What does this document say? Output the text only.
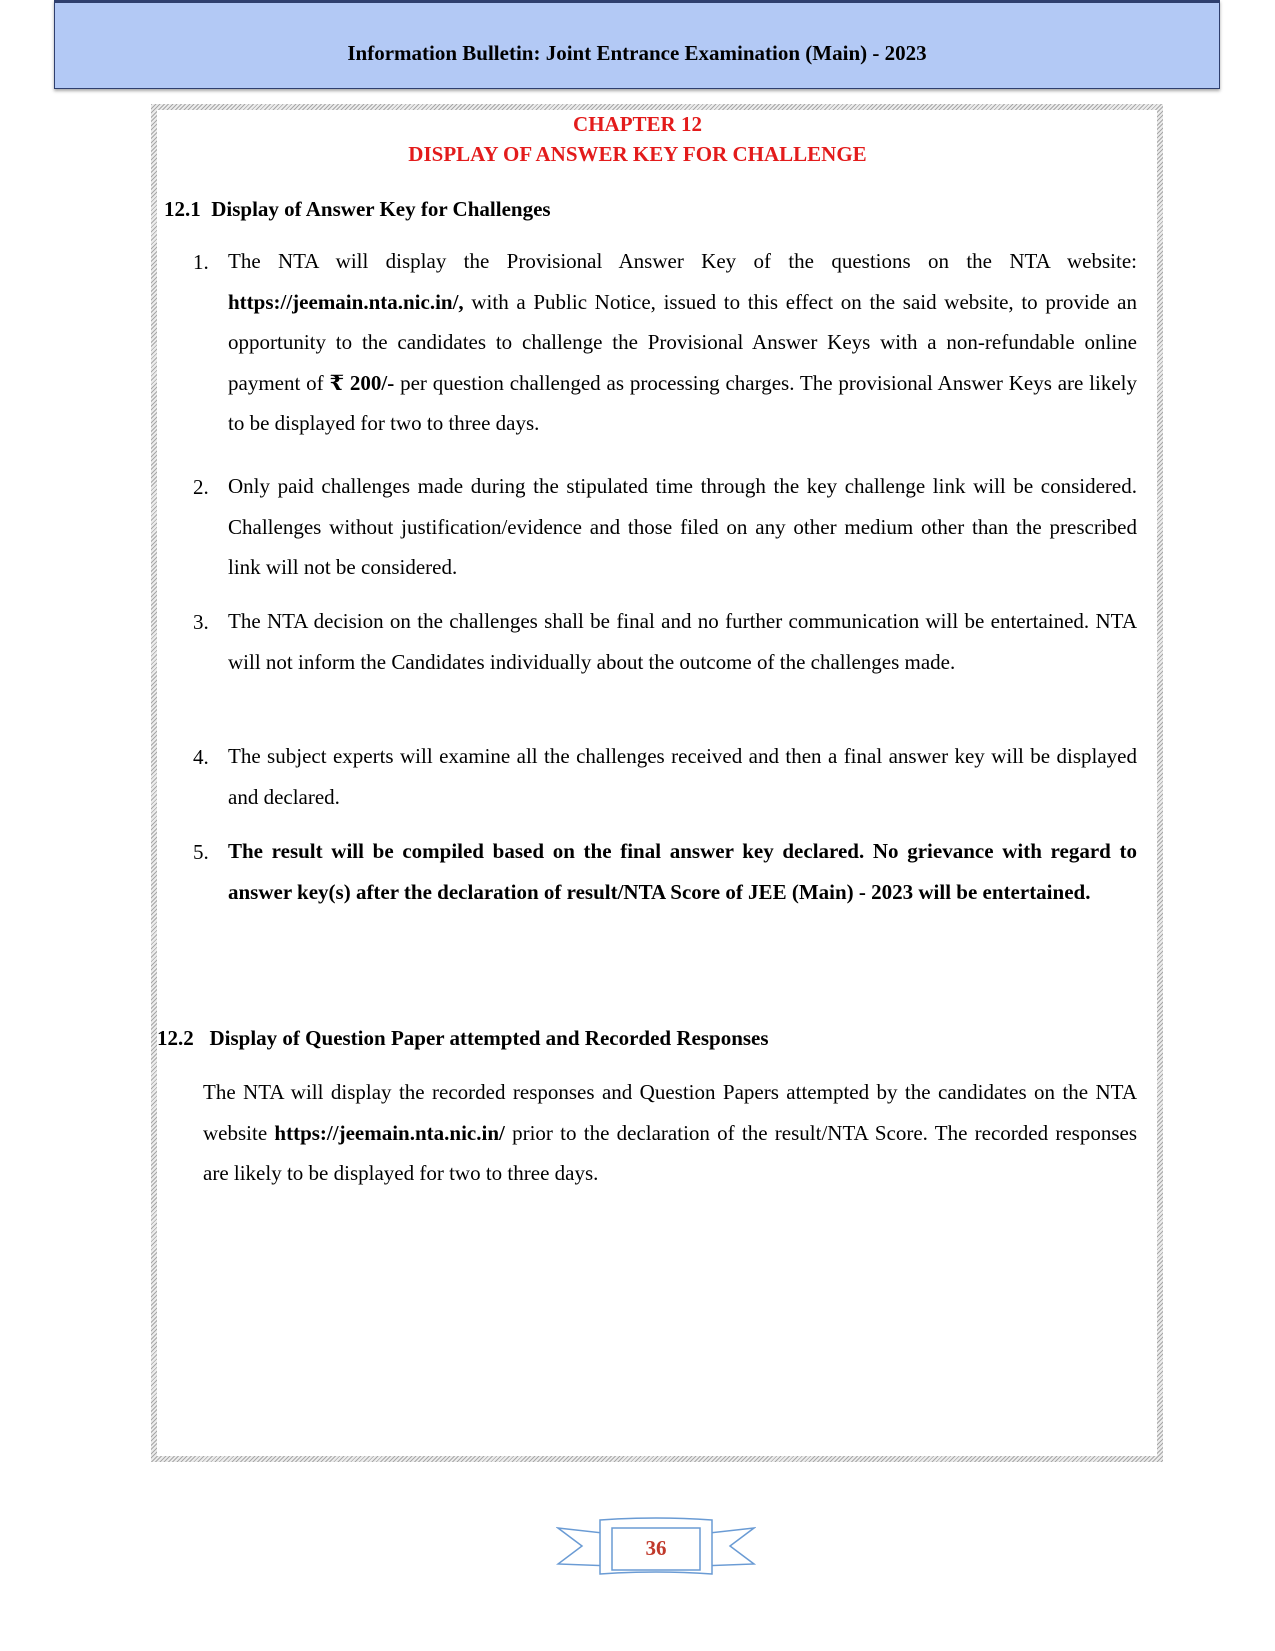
Information Bulletin: Joint Entrance Examination (Main) - 2023
CHAPTER 12
DISPLAY OF ANSWER KEY FOR CHALLENGE
12.1 Display of Answer Key for Challenges
1. The NTA will display the Provisional Answer Key of the questions on the NTA website: https://jeemain.nta.nic.in/, with a Public Notice, issued to this effect on the said website, to provide an opportunity to the candidates to challenge the Provisional Answer Keys with a non-refundable online payment of ₹ 200/- per question challenged as processing charges. The provisional Answer Keys are likely to be displayed for two to three days.
2. Only paid challenges made during the stipulated time through the key challenge link will be considered. Challenges without justification/evidence and those filed on any other medium other than the prescribed link will not be considered.
3. The NTA decision on the challenges shall be final and no further communication will be entertained. NTA will not inform the Candidates individually about the outcome of the challenges made.
4. The subject experts will examine all the challenges received and then a final answer key will be displayed and declared.
5. The result will be compiled based on the final answer key declared. No grievance with regard to answer key(s) after the declaration of result/NTA Score of JEE (Main) - 2023 will be entertained.
12.2 Display of Question Paper attempted and Recorded Responses
The NTA will display the recorded responses and Question Papers attempted by the candidates on the NTA website https://jeemain.nta.nic.in/ prior to the declaration of the result/NTA Score. The recorded responses are likely to be displayed for two to three days.
36
